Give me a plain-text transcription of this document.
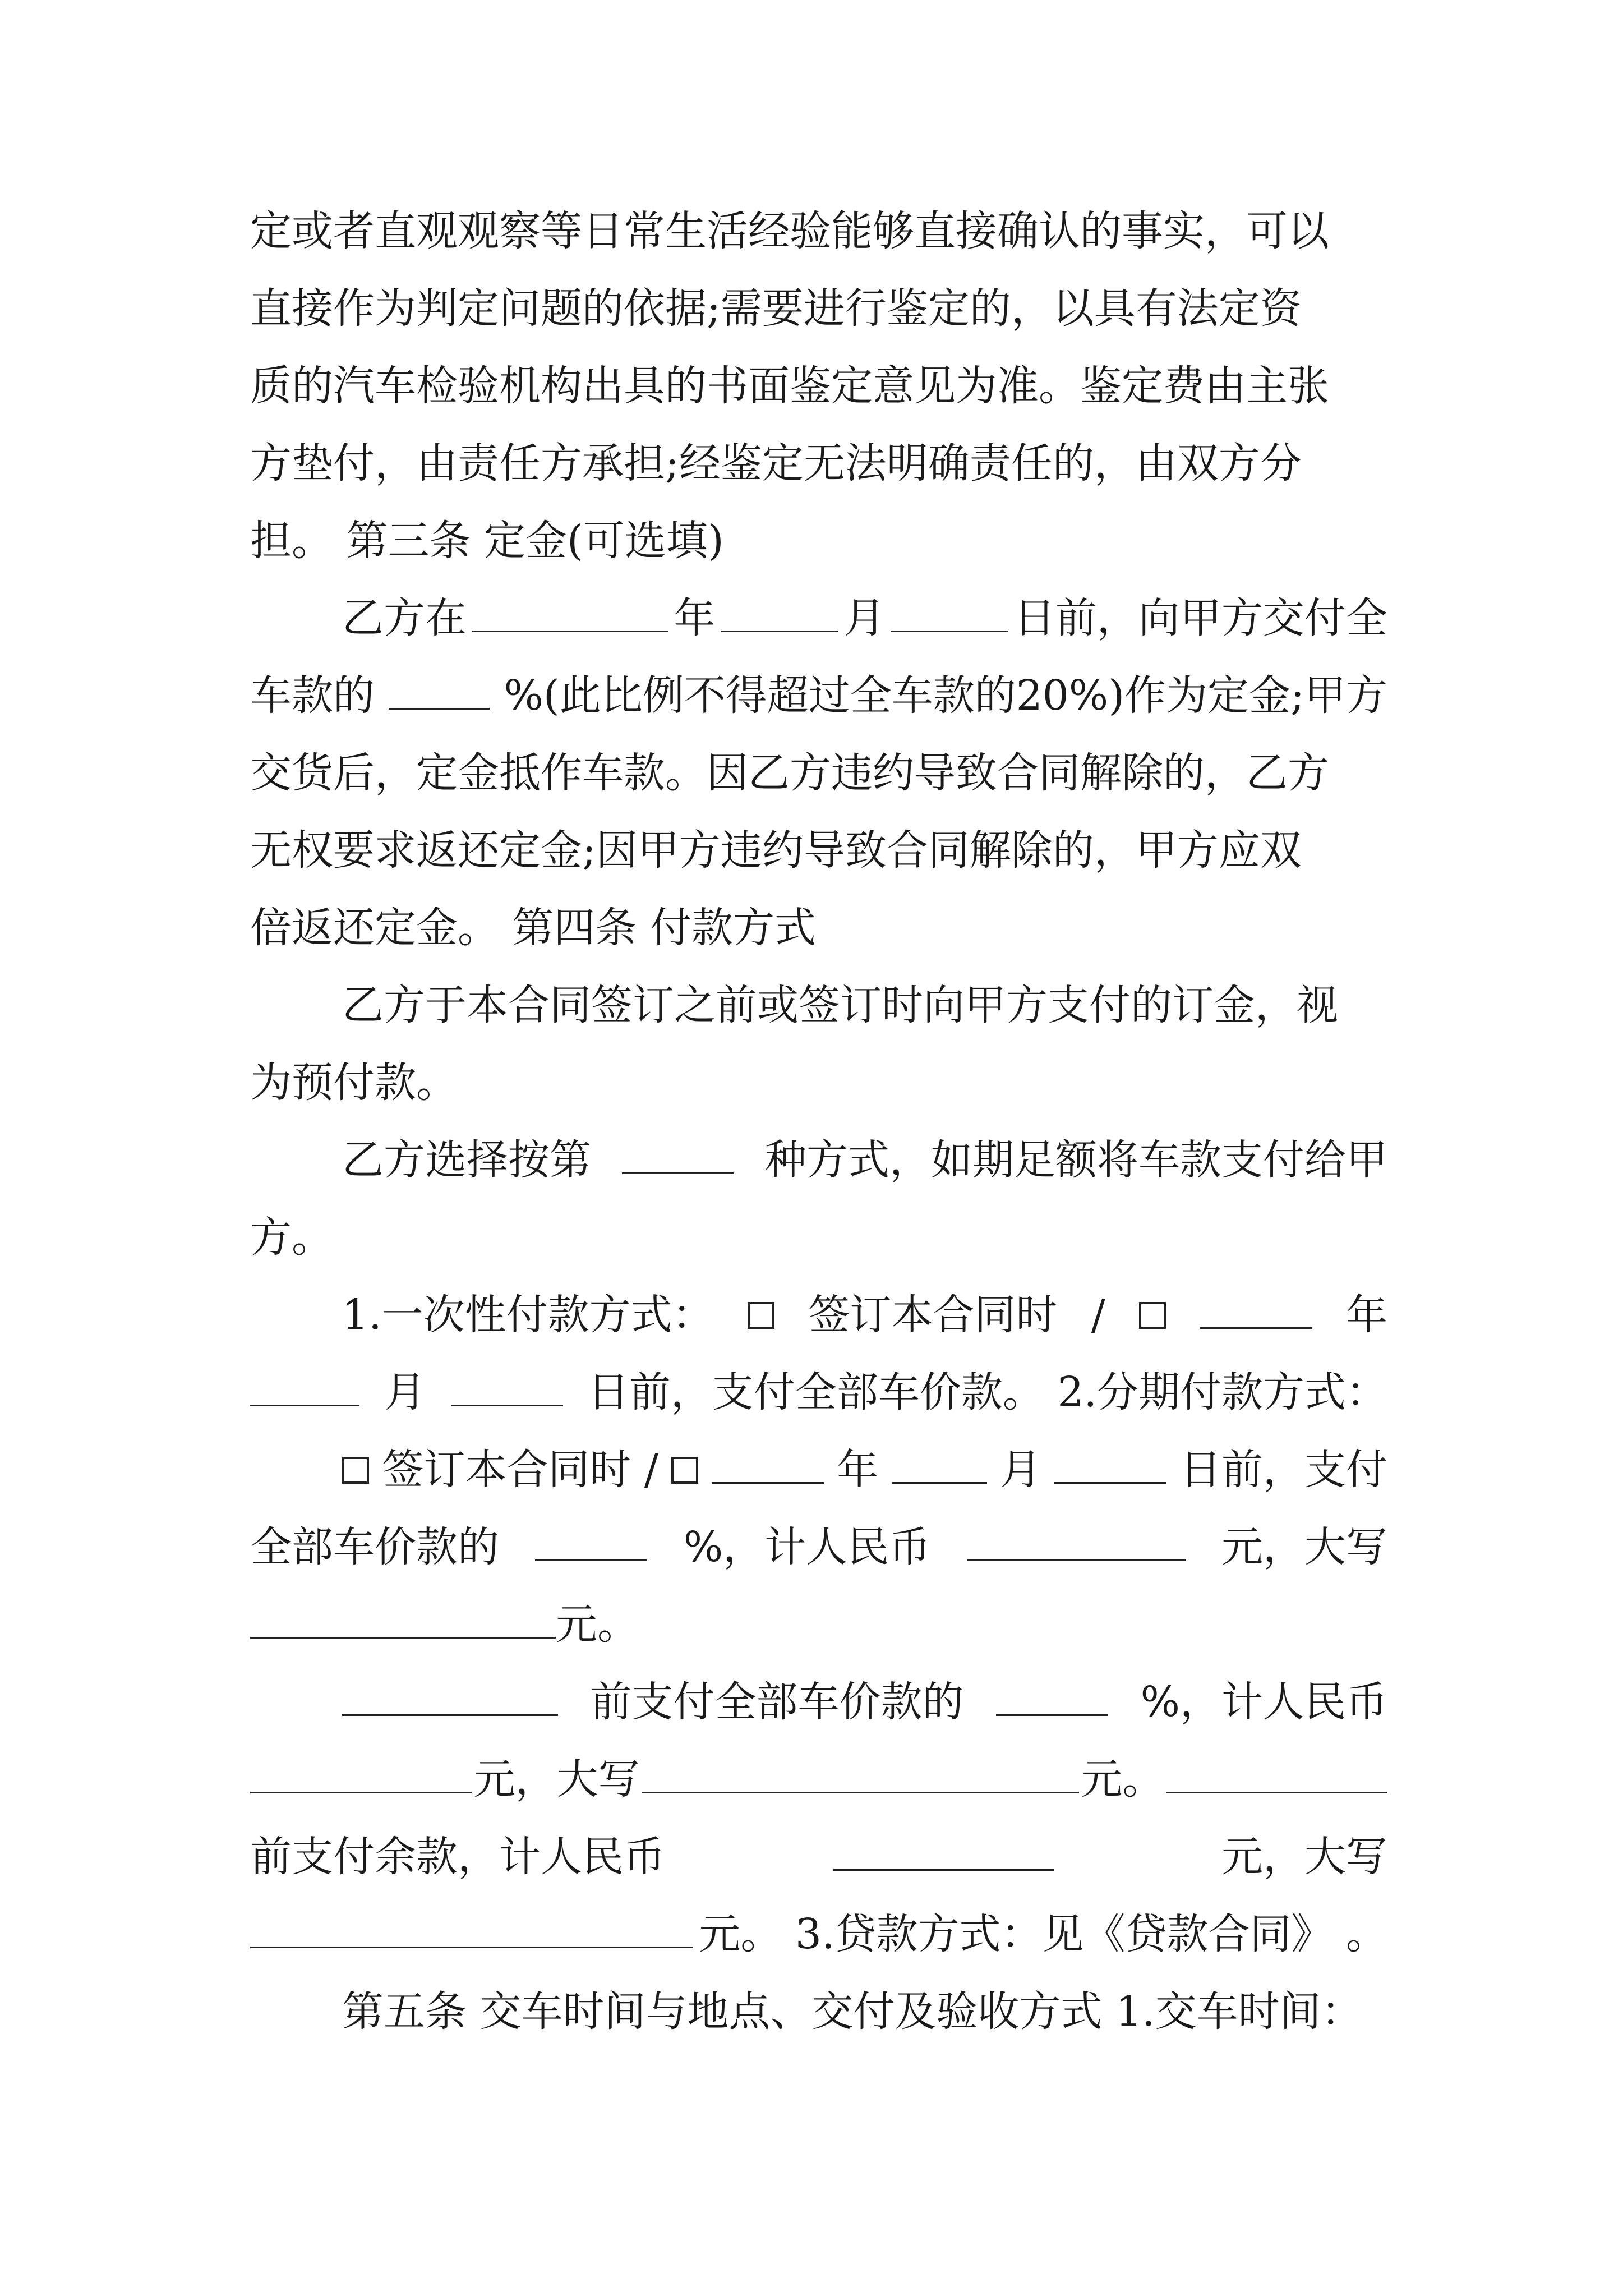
定或者直观观察等日常生活经验能够直接确认的事实，可以
直接作为判定问题的依据;需要进行鉴定的，以具有法定资
质的汽车检验机构出具的书面鉴定意见为准。鉴定费由主张
方垫付，由责任方承担;经鉴定无法明确责任的，由双方分
担。 第三条 定金(可选填)
乙方在	年	月	日前，向甲方交付全
车款的	%(此比例不得超过全车款的20%)作为定金;甲方
交货后，定金抵作车款。因乙方违约导致合同解除的，乙方
无权要求返还定金;因甲方违约导致合同解除的，甲方应双
倍返还定金。 第四条 付款方式
乙方于本合同签订之前或签订时向甲方支付的订金，视
为预付款。
乙方选择按第	种方式，如期足额将车款支付给甲
方。
1.一次性付款方式： 签订本合同时 /	年
月	日前，支付全部车价款。 2.分期付款方式：
签订本合同时 /	年	月	日前，支付
全部车价款的	%，计人民币	元，大写
元。
前支付全部车价款的	%，计人民币
元，大写	元。
前支付余款，计人民币	元，大写
元。 3.贷款方式：见《贷款合同》 。
第五条 交车时间与地点、交付及验收方式 1.交车时间：
